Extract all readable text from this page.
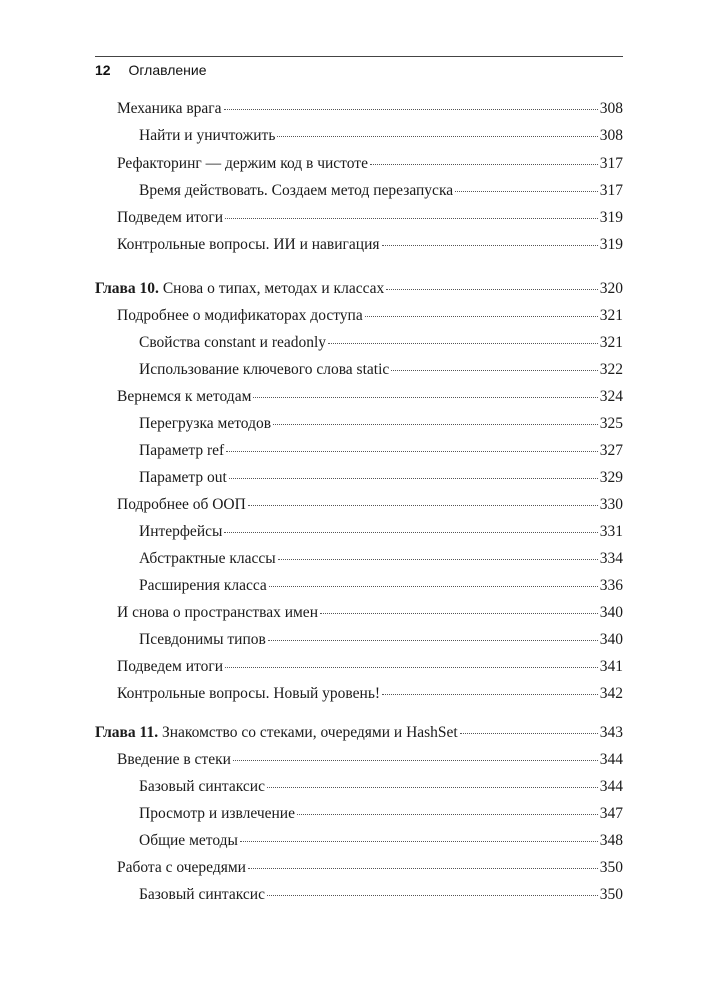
12 Оглавление
Механика врага	308
Найти и уничтожить	308
Рефакторинг — держим код в чистоте	317
Время действовать. Создаем метод перезапуска	317
Подведем итоги	319
Контрольные вопросы. ИИ и навигация	319
Глава 10. Снова о типах, методах и классах	320
Подробнее о модификаторах доступа	321
Свойства constant и readonly	321
Использование ключевого слова static	322
Вернемся к методам	324
Перегрузка методов	325
Параметр ref	327
Параметр out	329
Подробнее об ООП	330
Интерфейсы	331
Абстрактные классы	334
Расширения класса	336
И снова о пространствах имен	340
Псевдонимы типов	340
Подведем итоги	341
Контрольные вопросы. Новый уровень!	342
Глава 11. Знакомство со стеками, очередями и HashSet	343
Введение в стеки	344
Базовый синтаксис	344
Просмотр и извлечение	347
Общие методы	348
Работа с очередями	350
Базовый синтаксис	350
